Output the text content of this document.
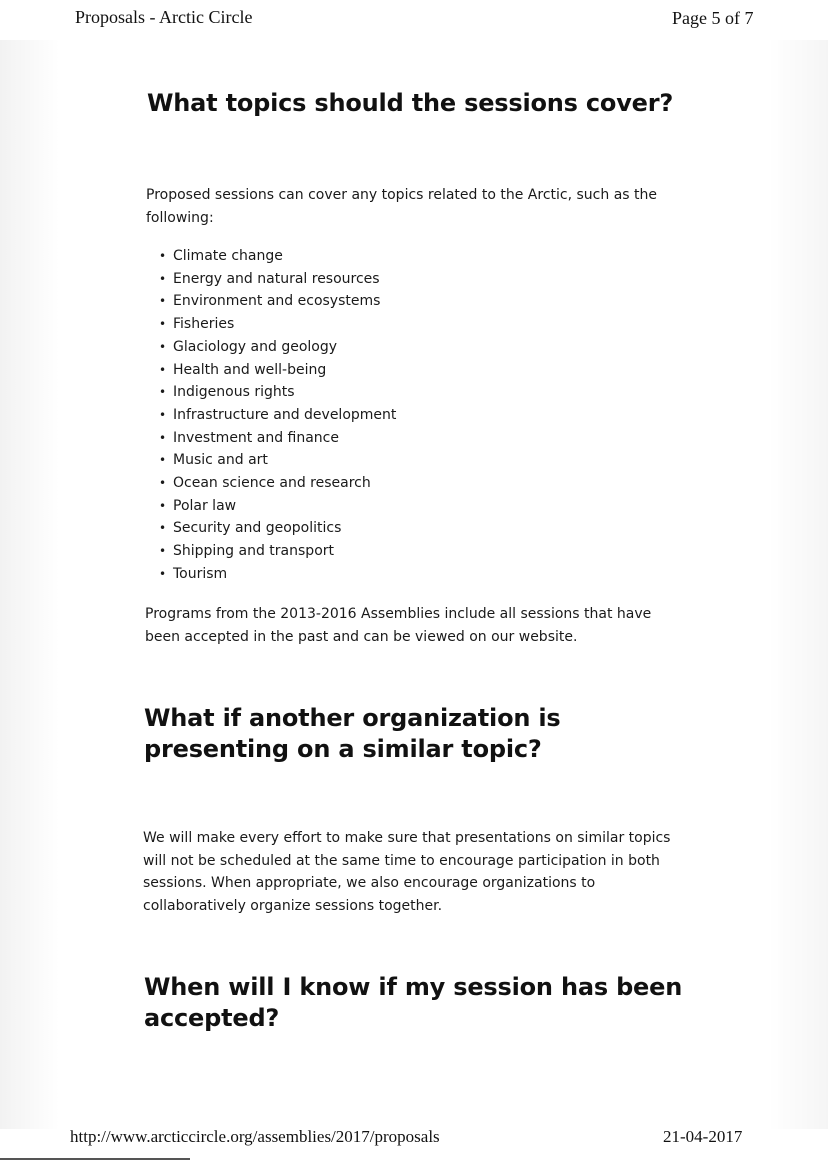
Proposals - Arctic Circle	Page 5 of 7
What topics should the sessions cover?

Proposed sessions can cover any topics related to the Arctic, such as the following:

• Climate change
• Energy and natural resources
• Environment and ecosystems
• Fisheries
• Glaciology and geology
• Health and well-being
• Indigenous rights
• Infrastructure and development
• Investment and finance
• Music and art
• Ocean science and research
• Polar law
• Security and geopolitics
• Shipping and transport
• Tourism

Programs from the 2013-2016 Assemblies include all sessions that have been accepted in the past and can be viewed on our website.

What if another organization is presenting on a similar topic?

We will make every effort to make sure that presentations on similar topics will not be scheduled at the same time to encourage participation in both sessions. When appropriate, we also encourage organizations to collaboratively organize sessions together.

When will I know if my session has been accepted?
http://www.arcticcircle.org/assemblies/2017/proposals	21-04-2017
